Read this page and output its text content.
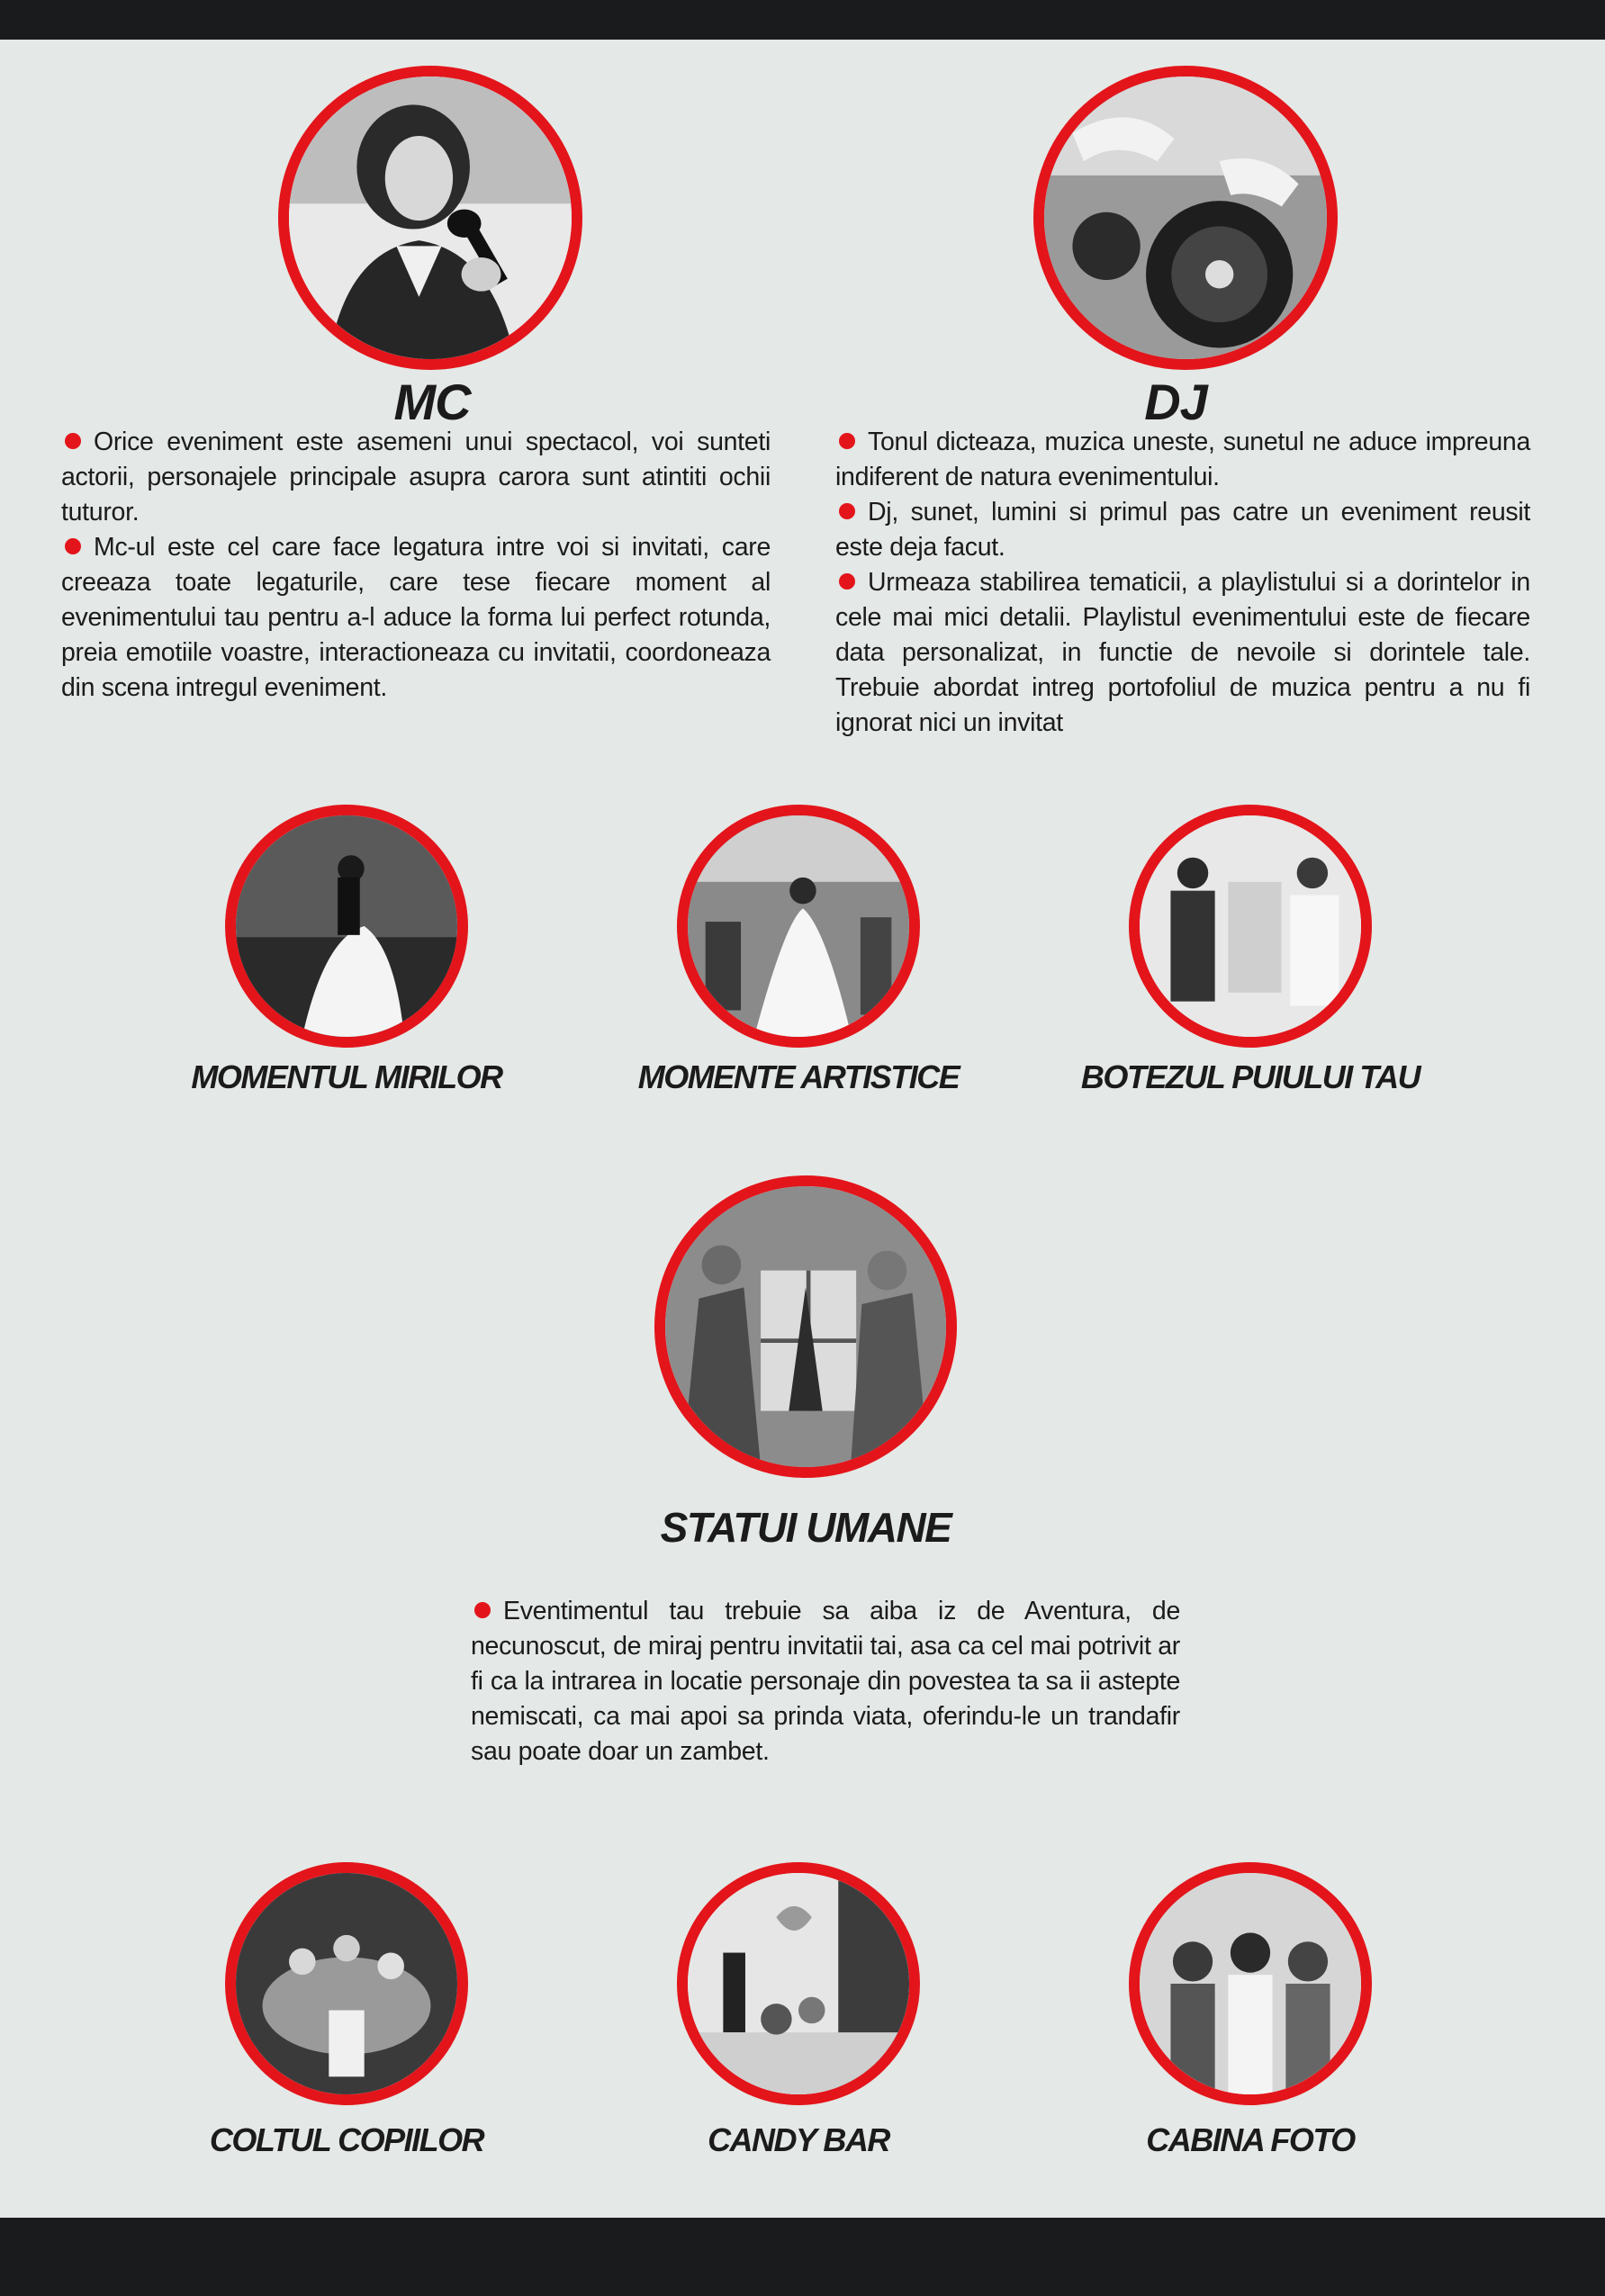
MC

Orice eveniment este asemeni unui spectacol, voi sunteti actorii, personajele principale asupra carora sunt atintiti ochii tuturor.

Mc-ul este cel care face legatura intre voi si invitati, care creeaza toate legaturile, care tese fiecare moment al evenimentului tau pentru a-l aduce la forma lui perfect rotunda, preia emotiile voastre, interactioneaza cu invitatii, coordoneaza din scena intregul eveniment.

DJ

Tonul dicteaza, muzica uneste, sunetul ne aduce impreuna indiferent de natura evenimentului.

Dj, sunet, lumini si primul pas catre un eveniment reusit este deja facut.

Urmeaza stabilirea tematicii, a playlistului si a dorintelor in cele mai mici detalii. Playlistul evenimentului este de fiecare data personalizat, in functie de nevoile si dorintele tale. Trebuie abordat intreg portofoliul de muzica pentru a nu fi ignorat nici un invitat

MOMENTUL MIRILOR	MOMENTE ARTISTICE	BOTEZUL PUIULUI TAU
STATUI UMANE

Eventimentul tau trebuie sa aiba iz de Aventura, de necunoscut, de miraj pentru invitatii tai, asa ca cel mai potrivit ar fi ca la intrarea in locatie personaje din povestea ta sa ii astepte nemiscati, ca mai apoi sa prinda viata, oferindu-le un trandafir sau poate doar un zambet.

COLTUL COPIILOR	CANDY BAR	CABINA FOTO
